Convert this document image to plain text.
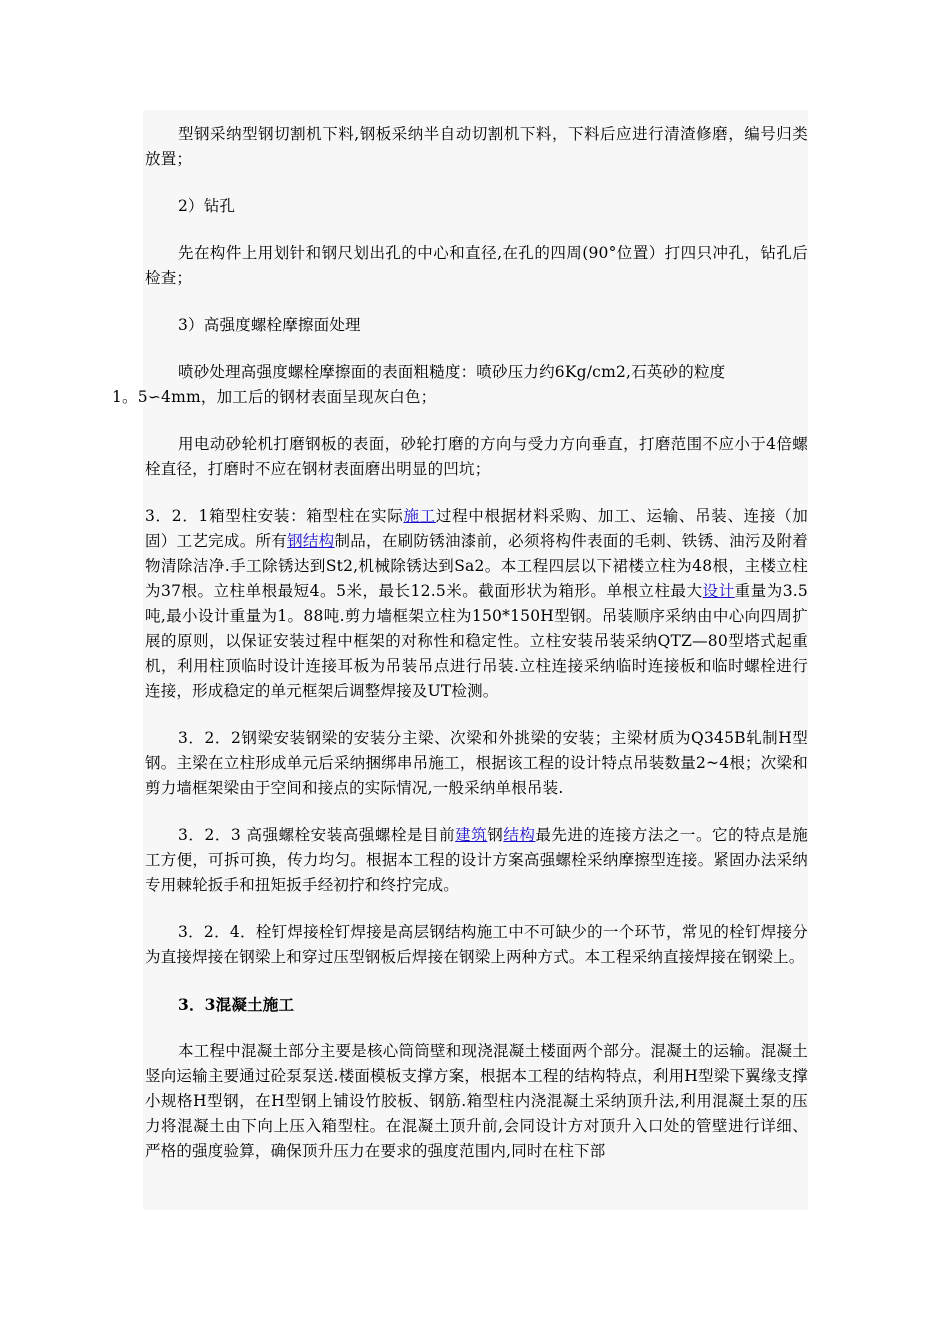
型钢采纳型钢切割机下料,钢板采纳半自动切割机下料，下料后应进行清渣修磨，编号归类放置；

2）钻孔

先在构件上用划针和钢尺划出孔的中心和直径,在孔的四周(90°位置）打四只冲孔，钻孔后检查；

3）高强度螺栓摩擦面处理

喷砂处理高强度螺栓摩擦面的表面粗糙度：喷砂压力约6Kg/cm2,石英砂的粒度
1。5∽4mm，加工后的钢材表面呈现灰白色；

用电动砂轮机打磨钢板的表面，砂轮打磨的方向与受力方向垂直，打磨范围不应小于4倍螺栓直径，打磨时不应在钢材表面磨出明显的凹坑；

3．2．1箱型柱安装：箱型柱在实际施工过程中根据材料采购、加工、运输、吊装、连接（加固）工艺完成。所有钢结构制品，在刷防锈油漆前，必须将构件表面的毛刺、铁锈、油污及附着物清除洁净.手工除锈达到St2,机械除锈达到Sa2。本工程四层以下裙楼立柱为48根，主楼立柱为37根。立柱单根最短4。5米，最长12.5米。截面形状为箱形。单根立柱最大设计重量为3.5吨,最小设计重量为1。88吨.剪力墙框架立柱为150*150H型钢。吊装顺序采纳由中心向四周扩展的原则，以保证安装过程中框架的对称性和稳定性。立柱安装吊装采纳QTZ—80型塔式起重机，利用柱顶临时设计连接耳板为吊装吊点进行吊装.立柱连接采纳临时连接板和临时螺栓进行连接，形成稳定的单元框架后调整焊接及UT检测。

3．2．2钢梁安装钢梁的安装分主梁、次梁和外挑梁的安装；主梁材质为Q345B轧制H型钢。主梁在立柱形成单元后采纳捆绑串吊施工，根据该工程的设计特点吊装数量2~4根；次梁和剪力墙框架梁由于空间和接点的实际情况,一般采纳单根吊装.

3．2．3 高强螺栓安装高强螺栓是目前建筑钢结构最先进的连接方法之一。它的特点是施工方便，可拆可换，传力均匀。根据本工程的设计方案高强螺栓采纳摩擦型连接。紧固办法采纳专用棘轮扳手和扭矩扳手经初拧和终拧完成。

3．2．4．栓钉焊接栓钉焊接是高层钢结构施工中不可缺少的一个环节，常见的栓钉焊接分为直接焊接在钢梁上和穿过压型钢板后焊接在钢梁上两种方式。本工程采纳直接焊接在钢梁上。

3．3混凝土施工

本工程中混凝土部分主要是核心筒筒壁和现浇混凝土楼面两个部分。混凝土的运输。混凝土竖向运输主要通过砼泵泵送.楼面模板支撑方案，根据本工程的结构特点，利用H型梁下翼缘支撑小规格H型钢，在H型钢上铺设竹胶板、钢筋.箱型柱内浇混凝土采纳顶升法,利用混凝土泵的压力将混凝土由下向上压入箱型柱。在混凝土顶升前,会同设计方对顶升入口处的管壁进行详细、严格的强度验算，确保顶升压力在要求的强度范围内,同时在柱下部
